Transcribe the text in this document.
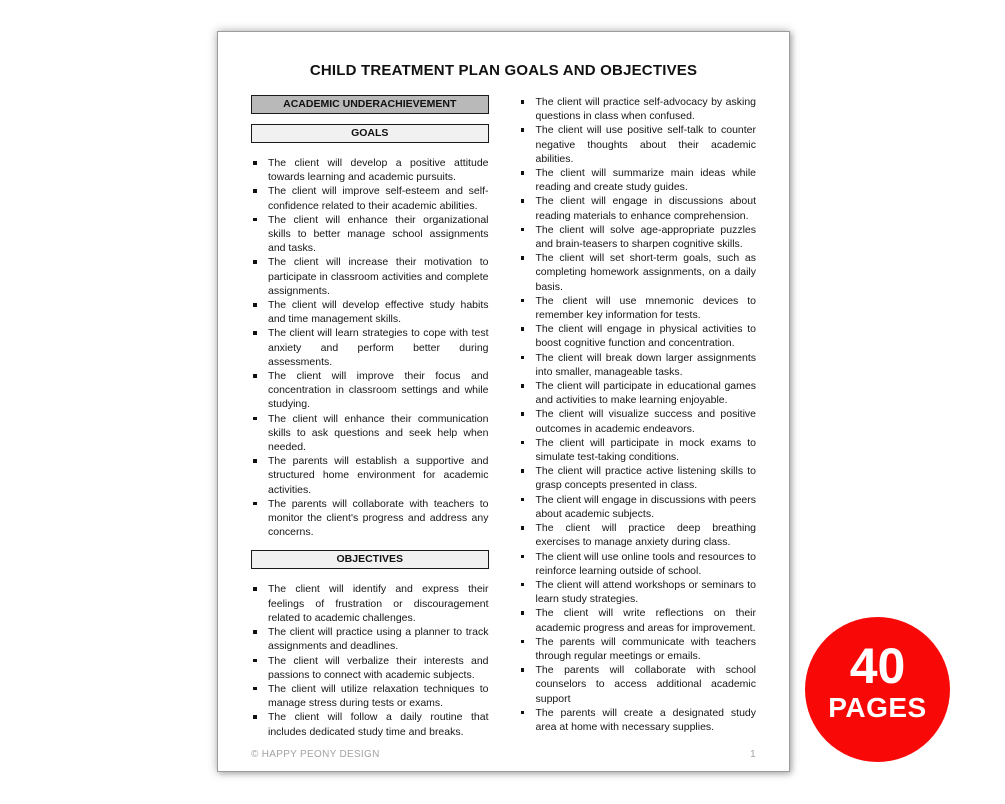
CHILD TREATMENT PLAN GOALS AND OBJECTIVES
ACADEMIC UNDERACHIEVEMENT
GOALS
The client will develop a positive attitude towards learning and academic pursuits.
The client will improve self-esteem and self-confidence related to their academic abilities.
The client will enhance their organizational skills to better manage school assignments and tasks.
The client will increase their motivation to participate in classroom activities and complete assignments.
The client will develop effective study habits and time management skills.
The client will learn strategies to cope with test anxiety and perform better during assessments.
The client will improve their focus and concentration in classroom settings and while studying.
The client will enhance their communication skills to ask questions and seek help when needed.
The parents will establish a supportive and structured home environment for academic activities.
The parents will collaborate with teachers to monitor the client's progress and address any concerns.
OBJECTIVES
The client will identify and express their feelings of frustration or discouragement related to academic challenges.
The client will practice using a planner to track assignments and deadlines.
The client will verbalize their interests and passions to connect with academic subjects.
The client will utilize relaxation techniques to manage stress during tests or exams.
The client will follow a daily routine that includes dedicated study time and breaks.
The client will practice self-advocacy by asking questions in class when confused.
The client will use positive self-talk to counter negative thoughts about their academic abilities.
The client will summarize main ideas while reading and create study guides.
The client will engage in discussions about reading materials to enhance comprehension.
The client will solve age-appropriate puzzles and brain-teasers to sharpen cognitive skills.
The client will set short-term goals, such as completing homework assignments, on a daily basis.
The client will use mnemonic devices to remember key information for tests.
The client will engage in physical activities to boost cognitive function and concentration.
The client will break down larger assignments into smaller, manageable tasks.
The client will participate in educational games and activities to make learning enjoyable.
The client will visualize success and positive outcomes in academic endeavors.
The client will participate in mock exams to simulate test-taking conditions.
The client will practice active listening skills to grasp concepts presented in class.
The client will engage in discussions with peers about academic subjects.
The client will practice deep breathing exercises to manage anxiety during class.
The client will use online tools and resources to reinforce learning outside of school.
The client will attend workshops or seminars to learn study strategies.
The client will write reflections on their academic progress and areas for improvement.
The parents will communicate with teachers through regular meetings or emails.
The parents will collaborate with school counselors to access additional academic support
The parents will create a designated study area at home with necessary supplies.
© HAPPY PEONY DESIGN	1
40
PAGES
